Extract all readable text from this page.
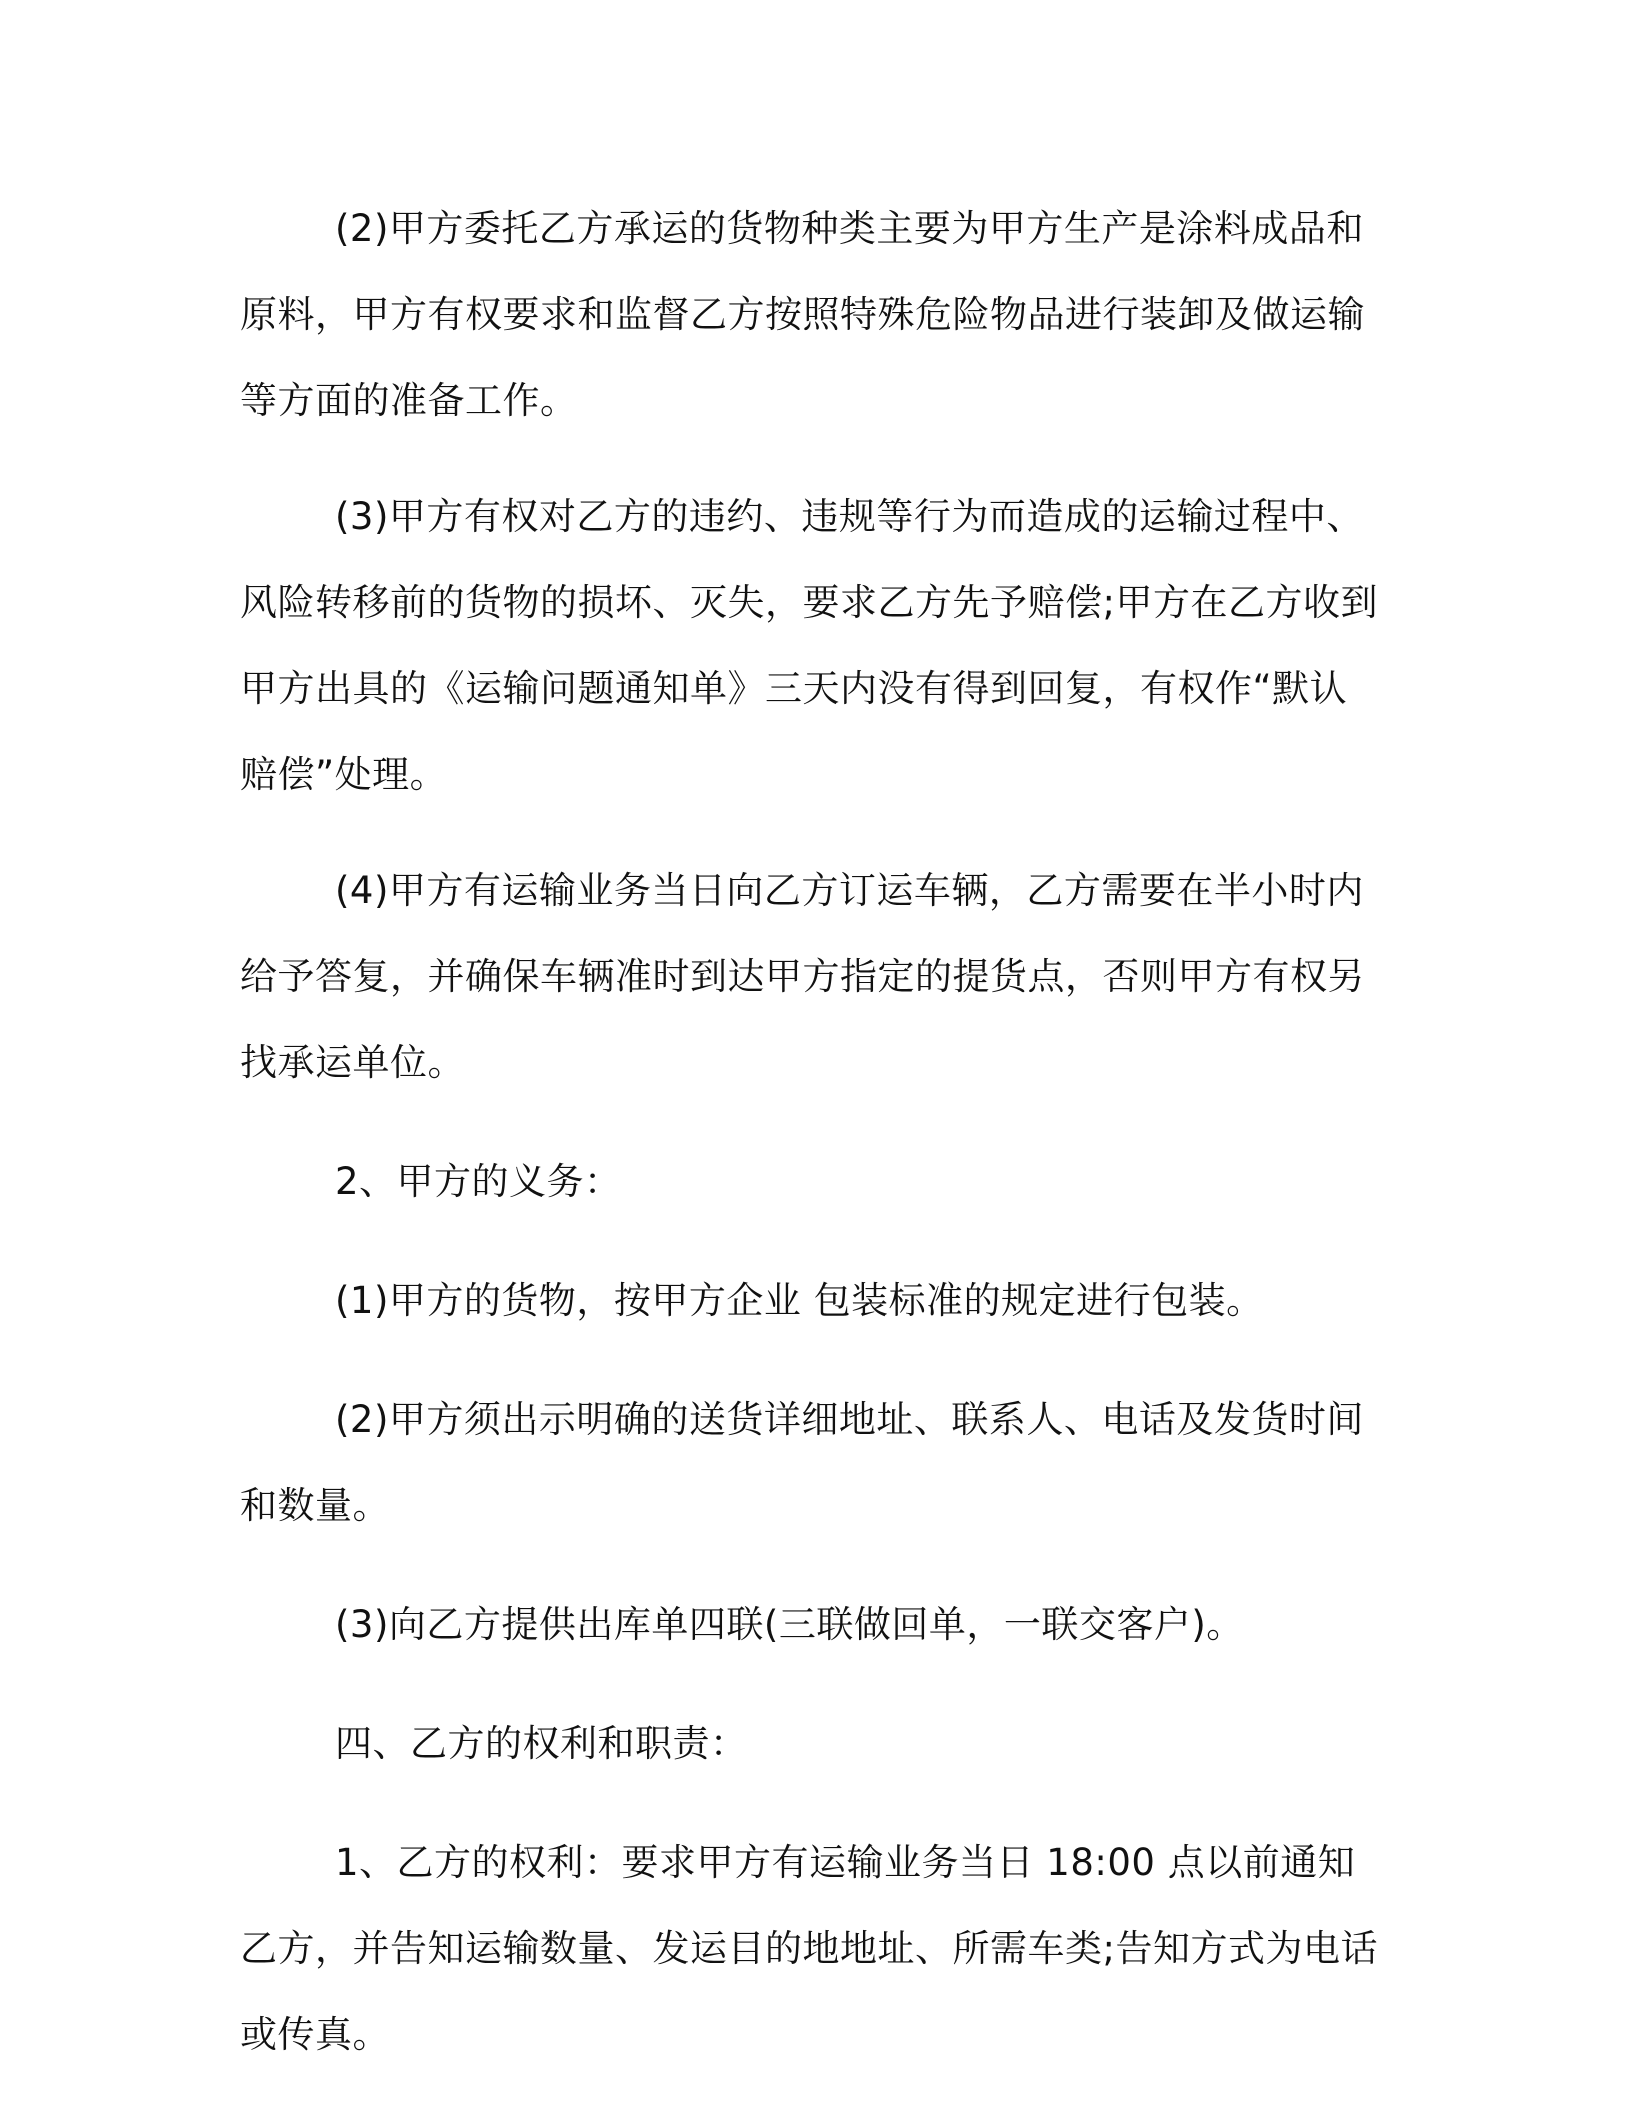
(2)甲方委托乙方承运的货物种类主要为甲方生产是涂料成品和原料，甲方有权要求和监督乙方按照特殊危险物品进行装卸及做运输等方面的准备工作。

(3)甲方有权对乙方的违约、违规等行为而造成的运输过程中、风险转移前的货物的损坏、灭失，要求乙方先予赔偿;甲方在乙方收到甲方出具的《运输问题通知单》三天内没有得到回复，有权作“默认赔偿”处理。

(4)甲方有运输业务当日向乙方订运车辆，乙方需要在半小时内给予答复，并确保车辆准时到达甲方指定的提货点，否则甲方有权另找承运单位。

2、甲方的义务：

(1)甲方的货物，按甲方企业 包装标准的规定进行包装。

(2)甲方须出示明确的送货详细地址、联系人、电话及发货时间和数量。

(3)向乙方提供出库单四联(三联做回单，一联交客户)。

四、乙方的权利和职责：

1、乙方的权利：要求甲方有运输业务当日 18:00 点以前通知乙方，并告知运输数量、发运目的地地址、所需车类;告知方式为电话或传真。
